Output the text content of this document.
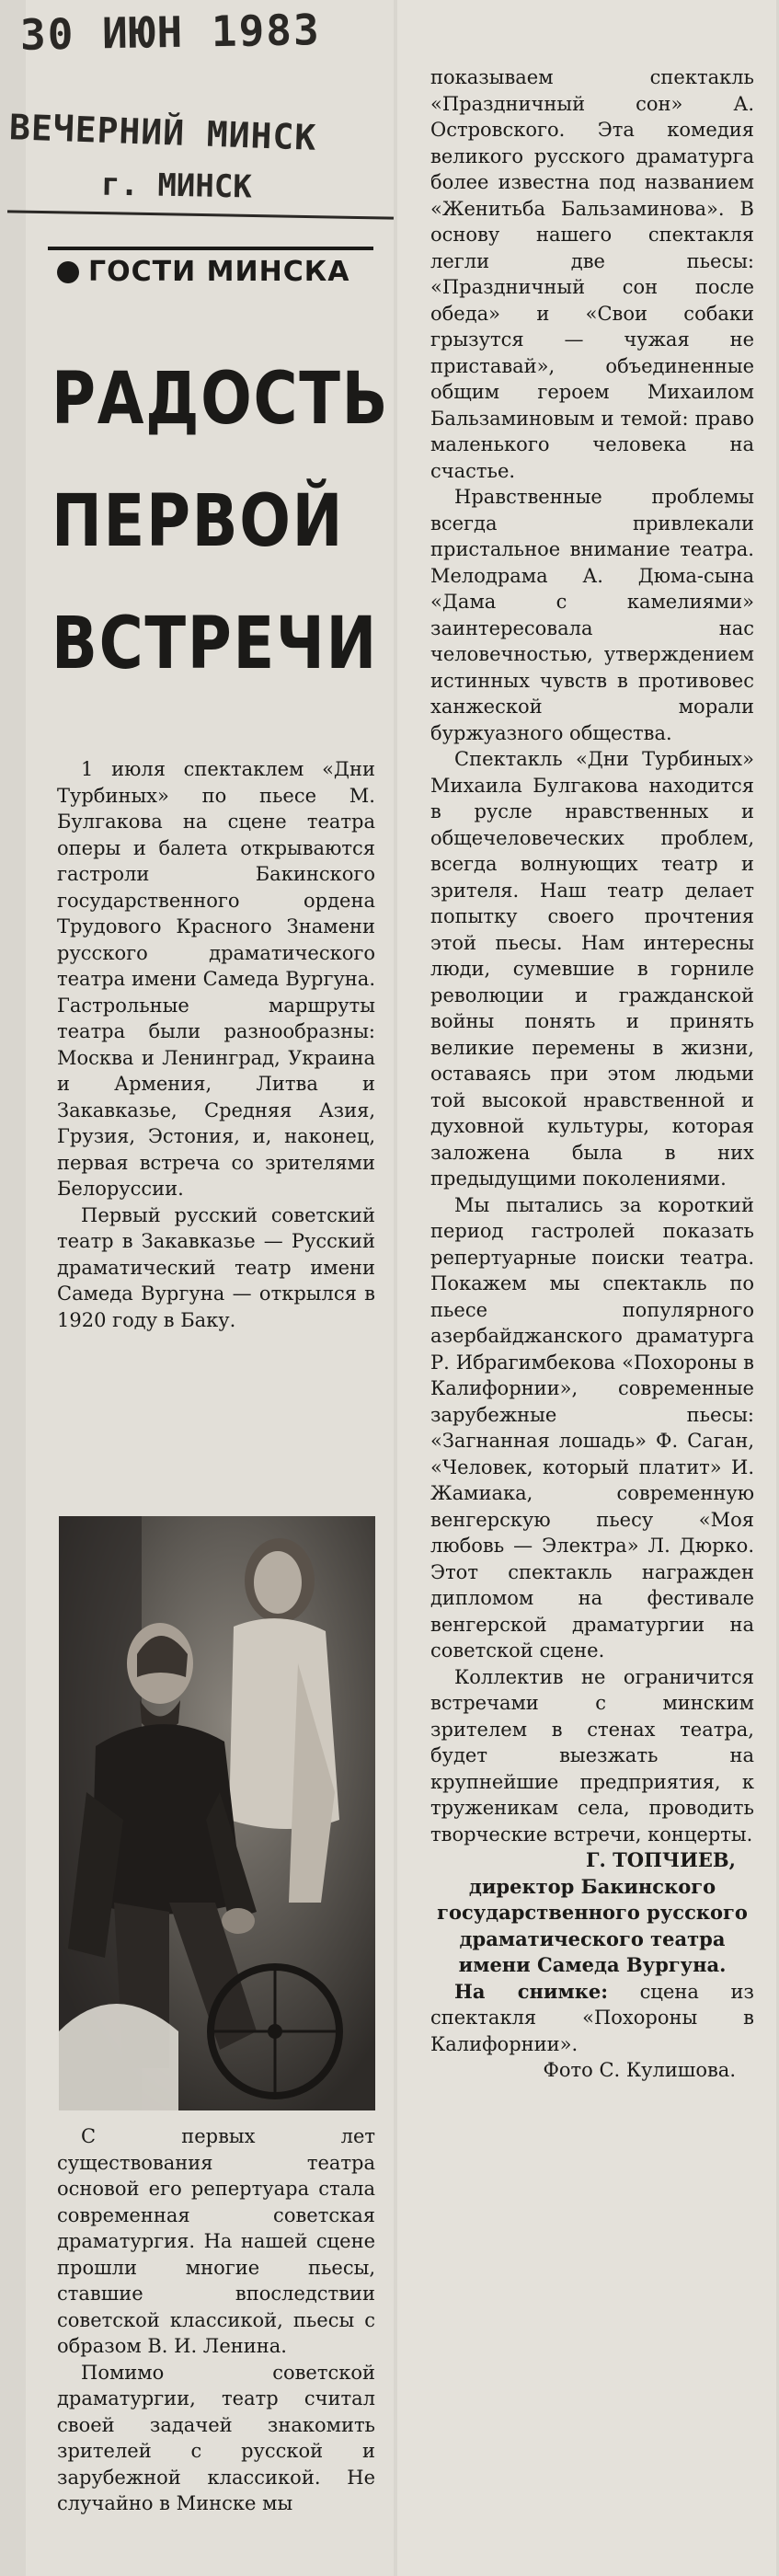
30 ИЮН 1983
ВЕЧЕРНИЙ МИНСК
г. МИНСК
ГОСТИ МИНСКА
РАДОСТЬ
ПЕРВОЙ
ВСТРЕЧИ

1 июля спектаклем «Дни Турбиных» по пьесе М. Булгакова на сцене театра оперы и балета открываются гастроли Бакинского государственного ордена Трудового Красного Знамени русского драматического театра имени Самеда Вургуна. Гастрольные маршруты театра были разнообразны: Москва и Ленинград, Украина и Армения, Литва и Закавказье, Средняя Азия, Грузия, Эстония, и, наконец, первая встреча со зрителями Белоруссии.

Первый русский советский театр в Закавказье — Русский драматический театр имени Самеда Вургуна — открылся в 1920 году в Баку.

С первых лет существования театра основой его репертуара стала современная советская драматургия. На нашей сцене прошли многие пьесы, ставшие впоследствии советской классикой, пьесы с образом В. И. Ленина.

Помимо советской драматургии, театр считал своей задачей знакомить зрителей с русской и зарубежной классикой. Не случайно в Минске мы

показываем спектакль «Праздничный сон» А. Островского. Эта комедия великого русского драматурга более известна под названием «Женитьба Бальзаминова». В основу нашего спектакля легли две пьесы: «Праздничный сон после обеда» и «Свои собаки грызутся — чужая не приставай», объединенные общим героем Михаилом Бальзаминовым и темой: право маленького человека на счастье.

Нравственные проблемы всегда привлекали пристальное внимание театра. Мелодрама А. Дюма-сына «Дама с камелиями» заинтересовала нас человечностью, утверждением истинных чувств в противовес ханжеской морали буржуазного общества.

Спектакль «Дни Турбиных» Михаила Булгакова находится в русле нравственных и общечеловеческих проблем, всегда волнующих театр и зрителя. Наш театр делает попытку своего прочтения этой пьесы. Нам интересны люди, сумевшие в горниле революции и гражданской войны понять и принять великие перемены в жизни, оставаясь при этом людьми той высокой нравственной и духовной культуры, которая заложена была в них предыдущими поколениями.

Мы пытались за короткий период гастролей показать репертуарные поиски театра. Покажем мы спектакль по пьесе популярного азербайджанского драматурга Р. Ибрагимбекова «Похороны в Калифорнии», современные зарубежные пьесы: «Загнанная лошадь» Ф. Саган, «Человек, который платит» И. Жамиака, современную венгерскую пьесу «Моя любовь — Электра» Л. Дюрко. Этот спектакль награжден дипломом на фестивале венгерской драматургии на советской сцене.

Коллектив не ограничится встречами с минским зрителем в стенах театра, будет выезжать на крупнейшие предприятия, к труженикам села, проводить творческие встречи, концерты.

Г. ТОПЧИЕВ,

директор Бакинского государственного русского драматического театра имени Самеда Вургуна.

На снимке: сцена из спектакля «Похороны в Калифорнии».

Фото С. Кулишова.
